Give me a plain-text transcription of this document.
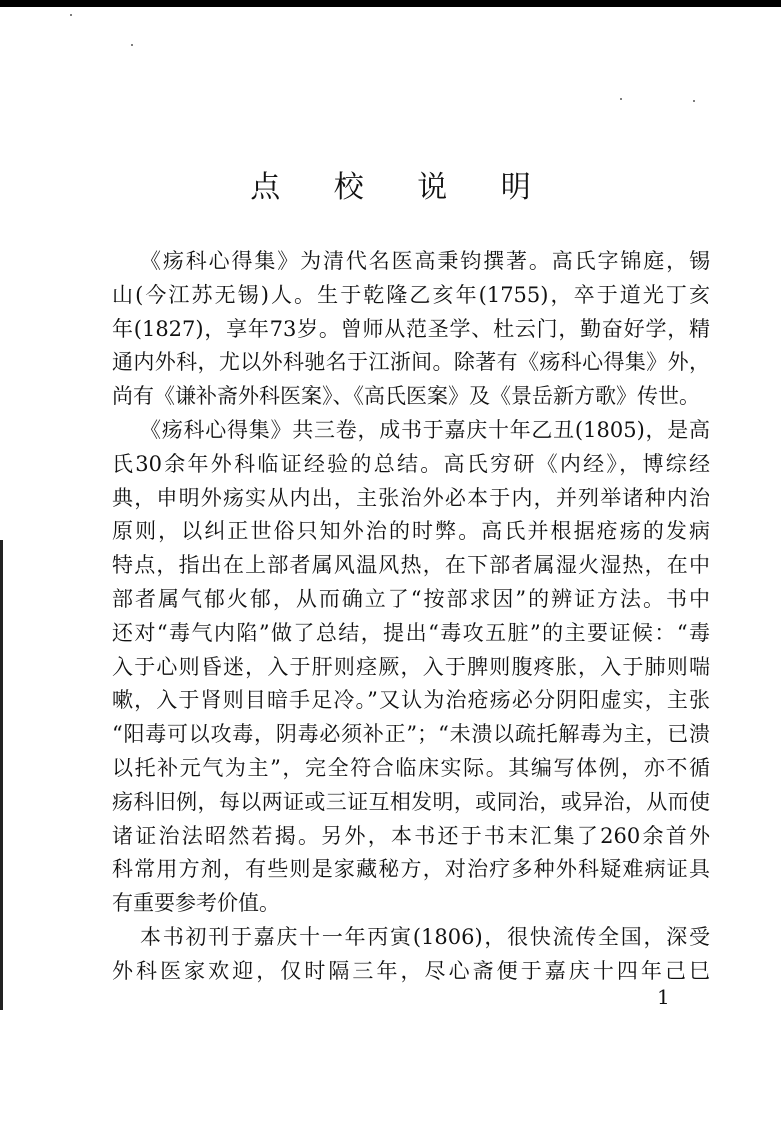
点 校 说 明
《疡科心得集》为清代名医高秉钧撰著。高氏字锦庭，锡
山(今江苏无锡)人。生于乾隆乙亥年(1755)，卒于道光丁亥
年(1827)，享年73岁。曾师从范圣学、杜云门，勤奋好学，精
通内外科，尤以外科驰名于江浙间。除著有《疡科心得集》外，
尚有《谦补斋外科医案》、《高氏医案》及《景岳新方歌》传世。
《疡科心得集》共三卷，成书于嘉庆十年乙丑(1805)，是高
氏30余年外科临证经验的总结。高氏穷研《内经》，博综经
典，申明外疡实从内出，主张治外必本于内，并列举诸种内治
原则，以纠正世俗只知外治的时弊。高氏并根据疮疡的发病
特点，指出在上部者属风温风热，在下部者属湿火湿热，在中
部者属气郁火郁，从而确立了“按部求因”的辨证方法。书中
还对“毒气内陷”做了总结，提出“毒攻五脏”的主要证候：“毒
入于心则昏迷，入于肝则痉厥，入于脾则腹疼胀，入于肺则喘
嗽，入于肾则目暗手足冷。”又认为治疮疡必分阴阳虚实，主张
“阳毒可以攻毒，阴毒必须补正”；“未溃以疏托解毒为主，已溃
以托补元气为主”，完全符合临床实际。其编写体例，亦不循
疡科旧例，每以两证或三证互相发明，或同治，或异治，从而使
诸证治法昭然若揭。另外，本书还于书末汇集了260余首外
科常用方剂，有些则是家藏秘方，对治疗多种外科疑难病证具
有重要参考价值。
本书初刊于嘉庆十一年丙寅(1806)，很快流传全国，深受
外科医家欢迎，仅时隔三年，尽心斋便于嘉庆十四年己巳
1
